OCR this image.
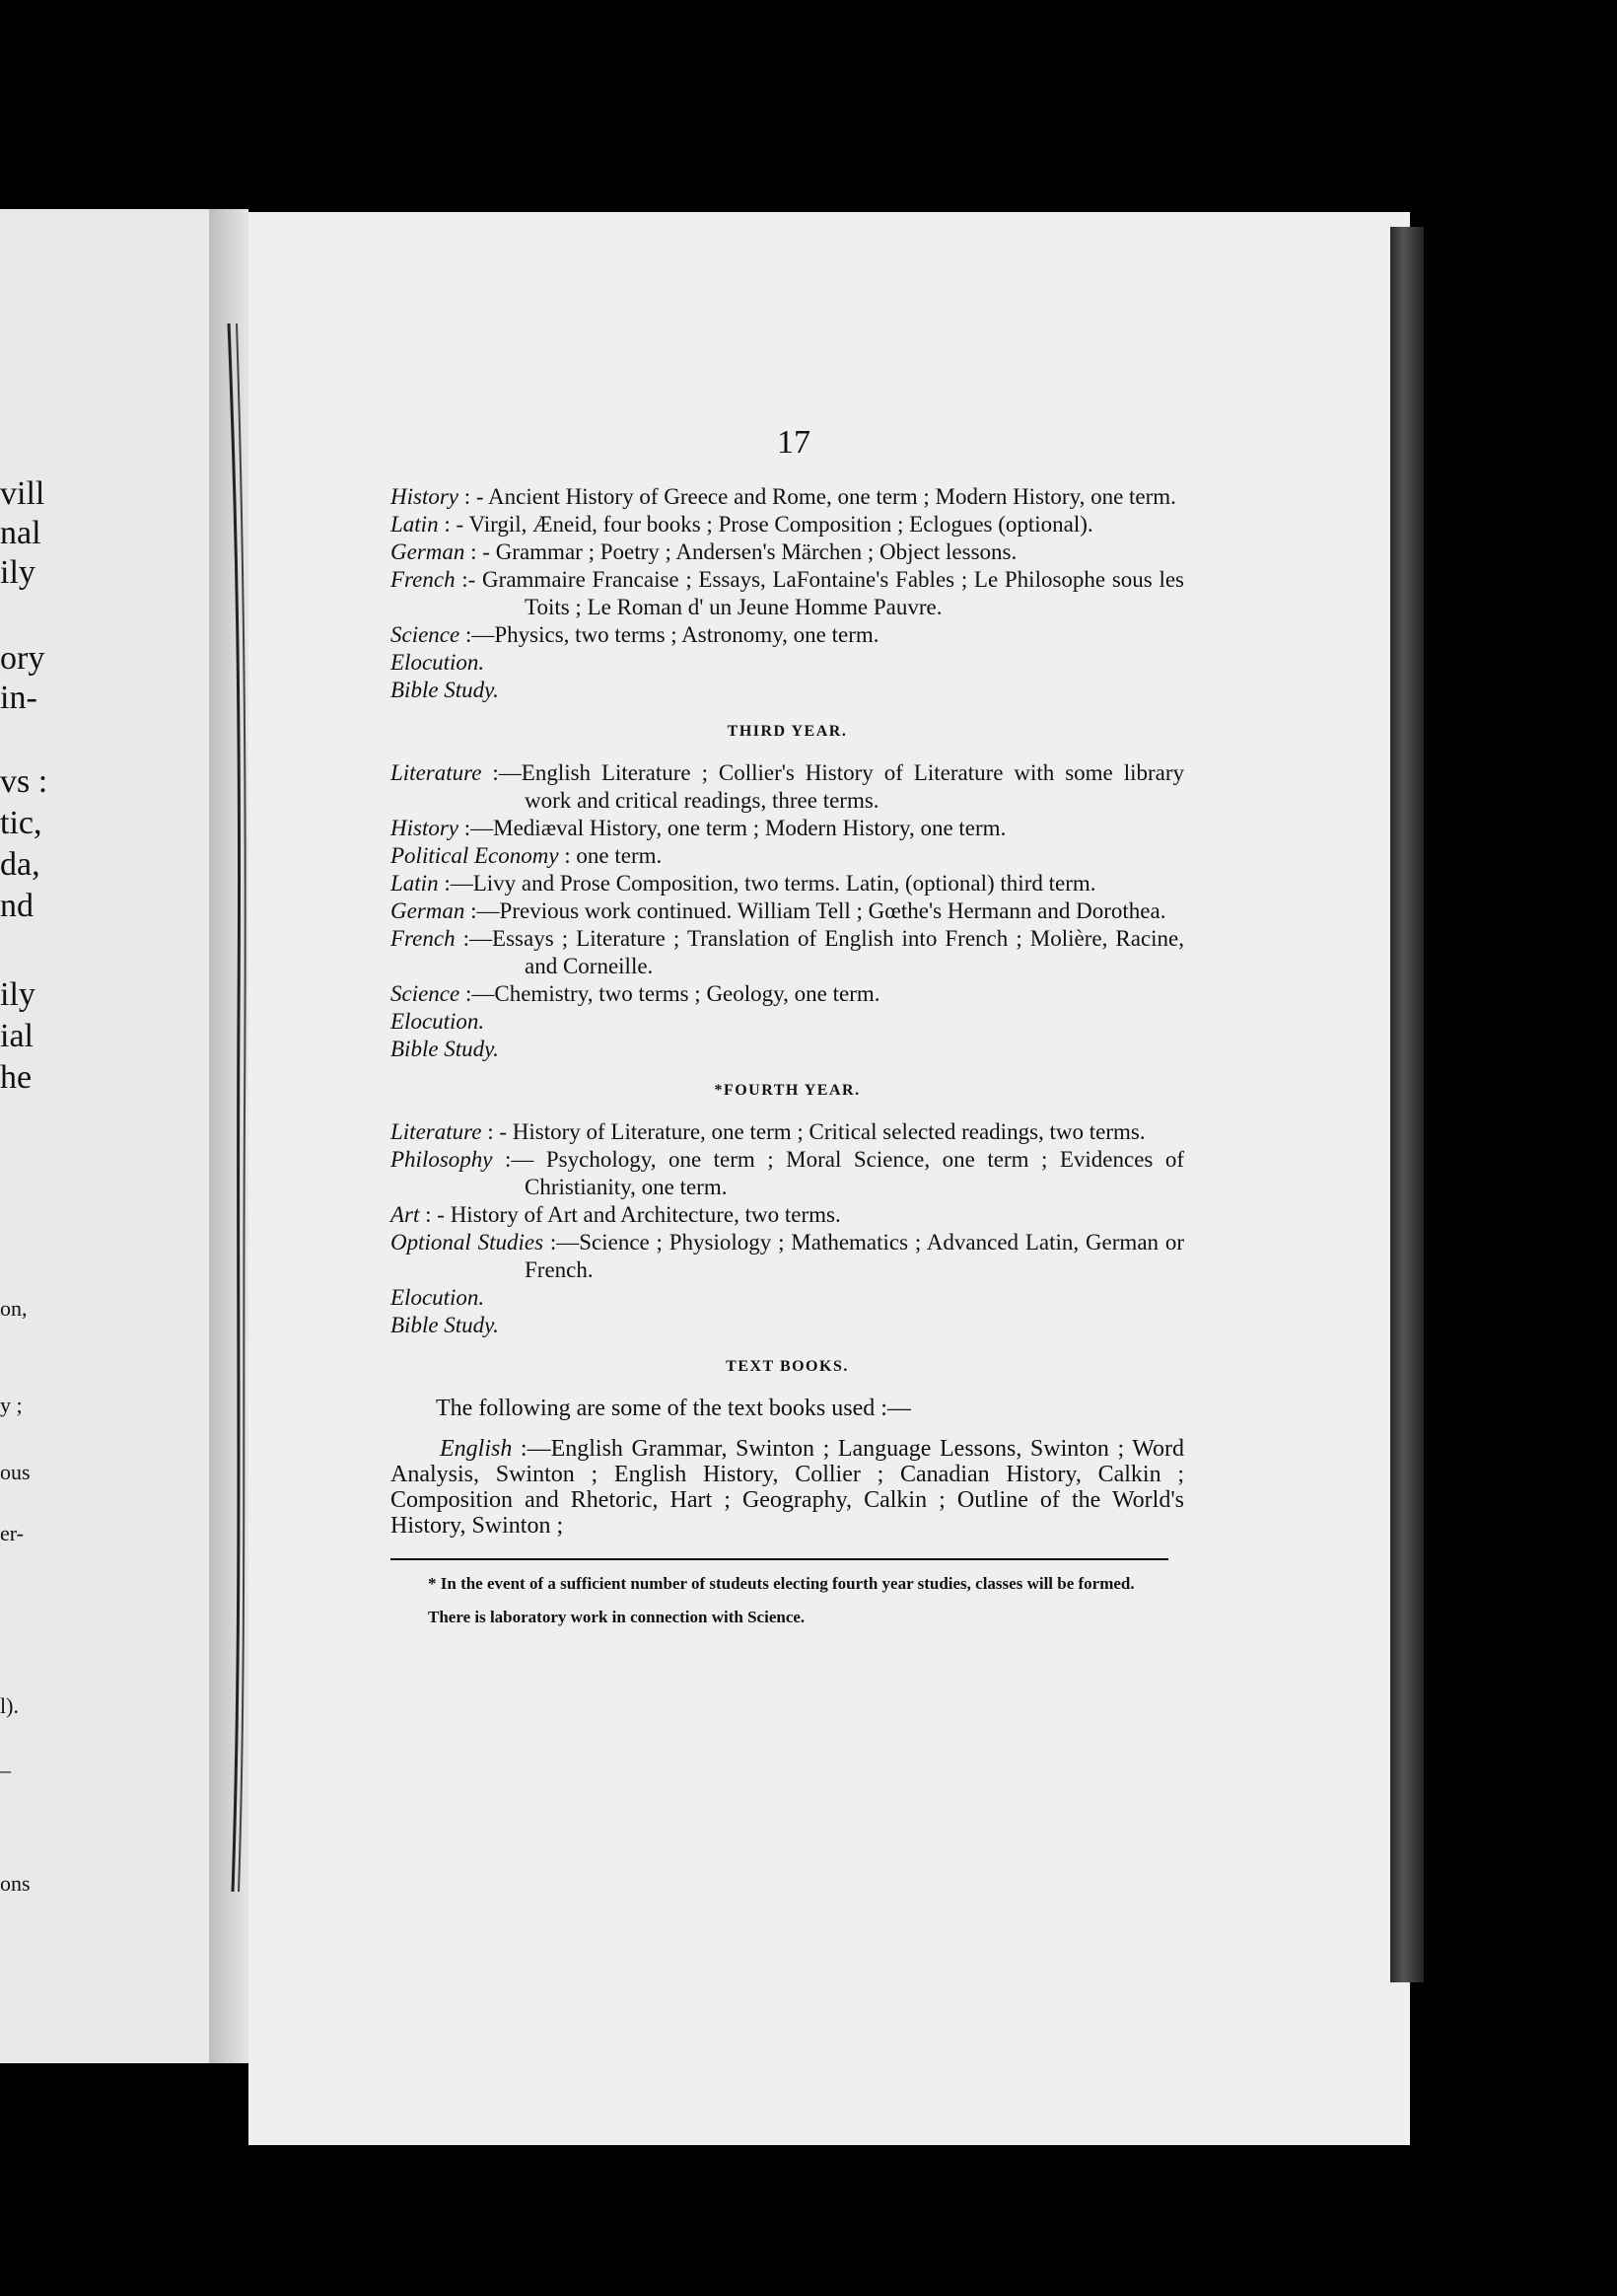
vill
nal
ily
ory
in-
vs :
tic,
da,
nd
ily
ial
he
on,
y ;
ous
er-
l).
–
ons
17

History : - Ancient History of Greece and Rome, one term ; Modern History, one term.

Latin : - Virgil, Æneid, four books ; Prose Composition ; Eclogues (optional).

German : - Grammar ; Poetry ; Andersen's Märchen ; Object lessons.

French :- Grammaire Francaise ; Essays, LaFontaine's Fables ; Le Philosophe sous les Toits ; Le Roman d' un Jeune Homme Pauvre.

Science :—Physics, two terms ; Astronomy, one term.

Elocution.

Bible Study.

THIRD YEAR.

Literature :—English Literature ; Collier's History of Literature with some library work and critical readings, three terms.

History :—Mediæval History, one term ; Modern History, one term.

Political Economy : one term.

Latin :—Livy and Prose Composition, two terms. Latin, (optional) third term.

German :—Previous work continued. William Tell ; Gœthe's Hermann and Dorothea.

French :—Essays ; Literature ; Translation of English into French ; Molière, Racine, and Corneille.

Science :—Chemistry, two terms ; Geology, one term.

Elocution.

Bible Study.

*FOURTH YEAR.

Literature : - History of Literature, one term ; Critical selected readings, two terms.

Philosophy :— Psychology, one term ; Moral Science, one term ; Evidences of Christianity, one term.

Art : - History of Art and Architecture, two terms.

Optional Studies :—Science ; Physiology ; Mathematics ; Advanced Latin, German or French.

Elocution.

Bible Study.

TEXT BOOKS.

The following are some of the text books used :—

English :—English Grammar, Swinton ; Language Lessons, Swinton ; Word Analysis, Swinton ; English History, Collier ; Canadian History, Calkin ; Composition and Rhetoric, Hart ; Geography, Calkin ; Outline of the World's History, Swinton ;

* In the event of a sufficient number of studeuts electing fourth year studies, classes will be formed.

There is laboratory work in connection with Science.
